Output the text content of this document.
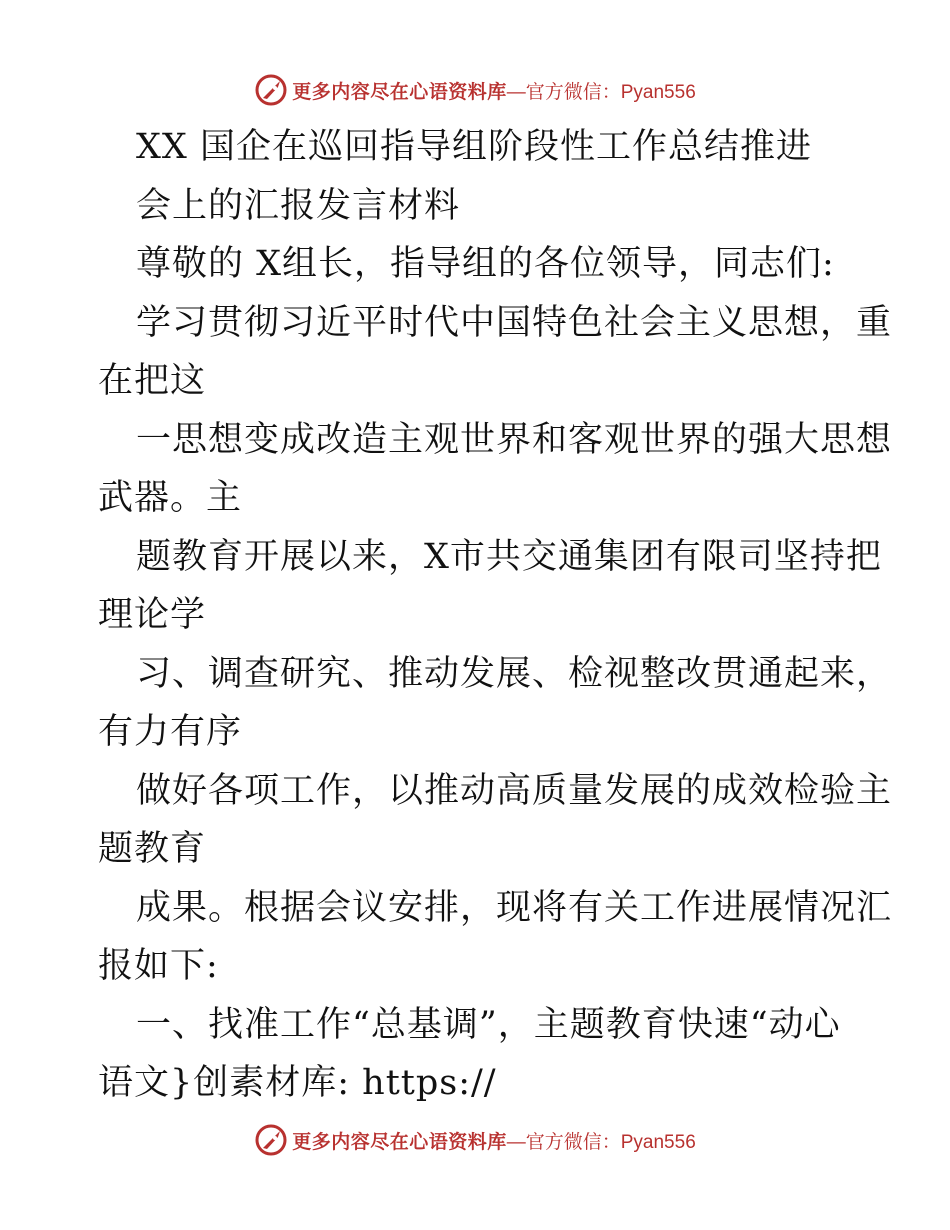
更多内容尽在心语资料库 —官方微信：Pyan556
XX 国企在巡回指导组阶段性工作总结推进
会上的汇报发言材料
尊敬的 X组长，指导组的各位领导，同志们:
学习贯彻习近平时代中国特色社会主义思想，重
在把这
一思想变成改造主观世界和客观世界的强大思想
武器。主
题教育开展以来，X市共交通集团有限司坚持把
理论学
习、调查研究、推动发展、检视整改贯通起来，
有力有序
做好各项工作，以推动高质量发展的成效检验主
题教育
成果。根据会议安排，现将有关工作进展情况汇
报如下:
一、找准工作“总基调”，主题教育快速“动心
语文}创素材库: https://
更多内容尽在心语资料库 —官方微信：Pyan556
